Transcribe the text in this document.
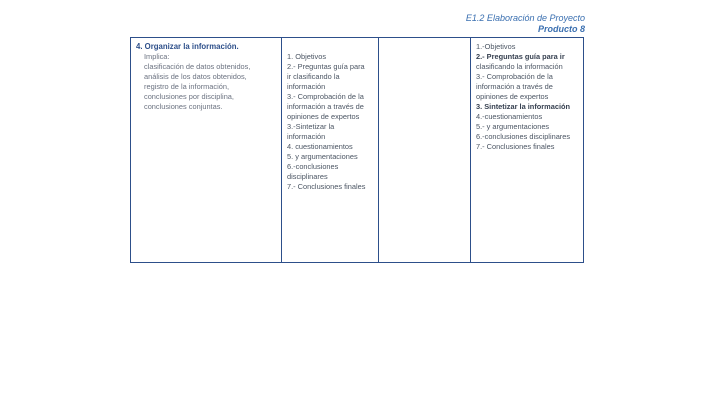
E1.2 Elaboración de Proyecto
Producto 8
4. Organizar la información.
Implica:
clasificación de datos obtenidos,
análisis de los datos obtenidos,
registro de la información,
conclusiones por disciplina,
conclusiones conjuntas.
1. Objetivos
2.- Preguntas guía para
ir clasificando la
información
3.- Comprobación de la
información a través de
opiniones de expertos
3.-Sintetizar la
información
4. cuestionamientos
5. y argumentaciones
6.-conclusiones
disciplinares
7.- Conclusiones finales
1.-Objetivos
2.- Preguntas guía para ir
clasificando la información
3.- Comprobación de la
información a través de
opiniones de expertos
3. Sintetizar la información
4.-cuestionamientos
5.- y argumentaciones
6.-conclusiones disciplinares
7.- Conclusiones finales
